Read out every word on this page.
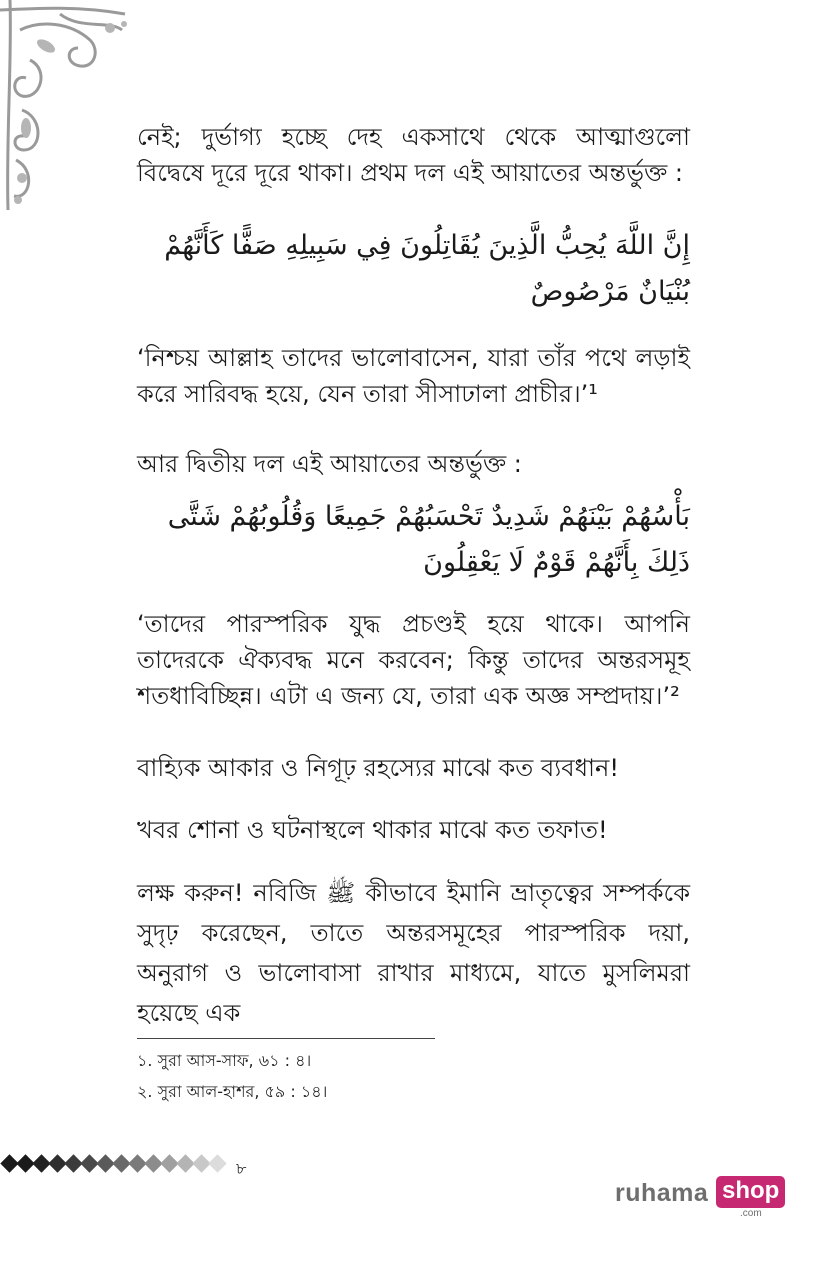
নেই; দুর্ভাগ্য হচ্ছে দেহ একসাথে থেকে আত্মাগুলো বিদ্বেষে দূরে দূরে থাকা। প্রথম দল এই আয়াতের অন্তর্ভুক্ত :

إِنَّ اللَّهَ يُحِبُّ الَّذِينَ يُقَاتِلُونَ فِي سَبِيلِهِ صَفًّا كَأَنَّهُمْ بُنْيَانٌ مَرْصُوصٌ

‘নিশ্চয় আল্লাহ তাদের ভালোবাসেন, যারা তাঁর পথে লড়াই করে সারিবদ্ধ হয়ে, যেন তারা সীসাঢালা প্রাচীর।’¹

আর দ্বিতীয় দল এই আয়াতের অন্তর্ভুক্ত :

بَأْسُهُمْ بَيْنَهُمْ شَدِيدٌ تَحْسَبُهُمْ جَمِيعًا وَقُلُوبُهُمْ شَتَّى ذَلِكَ بِأَنَّهُمْ قَوْمٌ لَا يَعْقِلُونَ

‘তাদের পারস্পরিক যুদ্ধ প্রচণ্ডই হয়ে থাকে। আপনি তাদেরকে ঐক্যবদ্ধ মনে করবেন; কিন্তু তাদের অন্তরসমূহ শতধাবিচ্ছিন্ন। এটা এ জন্য যে, তারা এক অজ্ঞ সম্প্রদায়।’²

বাহ্যিক আকার ও নিগূঢ় রহস্যের মাঝে কত ব্যবধান!

খবর শোনা ও ঘটনাস্থলে থাকার মাঝে কত তফাত!

লক্ষ করুন! নবিজি ﷺ কীভাবে ইমানি ভ্রাতৃত্বের সম্পর্ককে সুদৃঢ় করেছেন, তাতে অন্তরসমূহের পারস্পরিক দয়া, অনুরাগ ও ভালোবাসা রাখার মাধ্যমে, যাতে মুসলিমরা হয়েছে এক

১. সুরা আস-সাফ, ৬১ : ৪।
২. সুরা আল-হাশর, ৫৯ : ১৪।
৮
ruhama shop
.com
